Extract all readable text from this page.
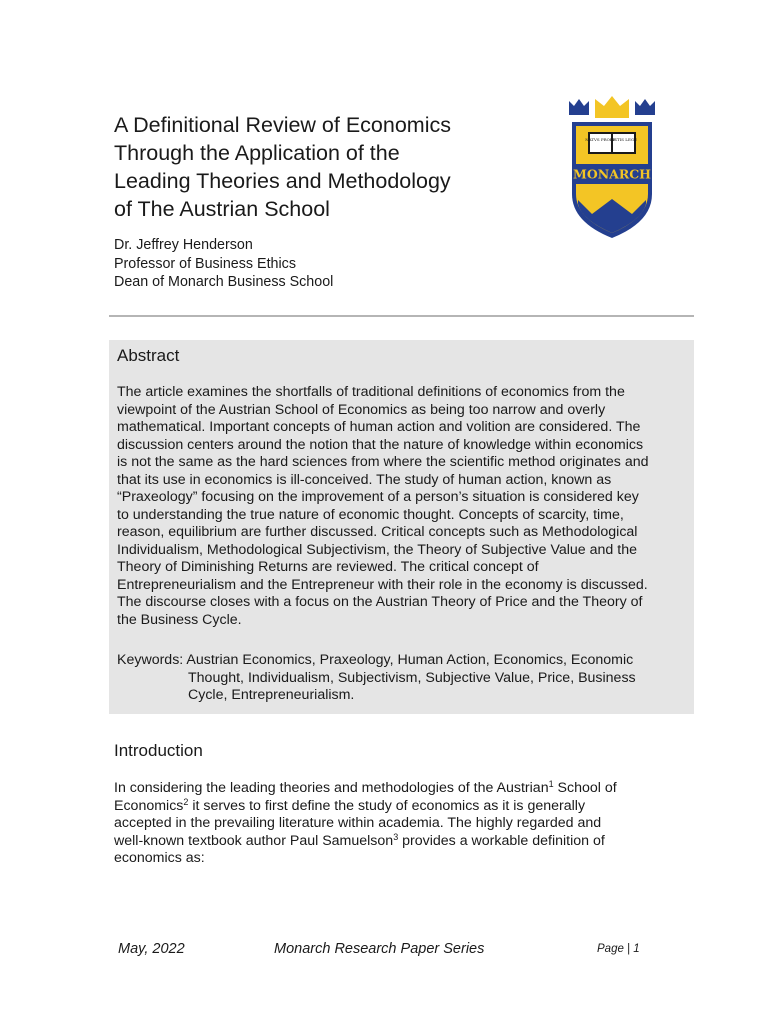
A Definitional Review of Economics
Through the Application of the
Leading Theories and Methodology
of The Austrian School
NATVS PROBE
SISTIS LEGE
MONARCH
Dr. Jeffrey Henderson
Professor of Business Ethics
Dean of Monarch Business School
Abstract
The article examines the shortfalls of traditional definitions of economics from the
viewpoint of the Austrian School of Economics as being too narrow and overly
mathematical. Important concepts of human action and volition are considered. The
discussion centers around the notion that the nature of knowledge within economics
is not the same as the hard sciences from where the scientific method originates and
that its use in economics is ill-conceived. The study of human action, known as
“Praxeology” focusing on the improvement of a person’s situation is considered key
to understanding the true nature of economic thought. Concepts of scarcity, time,
reason, equilibrium are further discussed. Critical concepts such as Methodological
Individualism, Methodological Subjectivism, the Theory of Subjective Value and the
Theory of Diminishing Returns are reviewed. The critical concept of
Entrepreneurialism and the Entrepreneur with their role in the economy is discussed.
The discourse closes with a focus on the Austrian Theory of Price and the Theory of
the Business Cycle.
Keywords: Austrian Economics, Praxeology, Human Action, Economics, Economic
Thought, Individualism, Subjectivism, Subjective Value, Price, Business
Cycle, Entrepreneurialism.
Introduction
In considering the leading theories and methodologies of the Austrian$^1$ School of
Economics$^2$ it serves to first define the study of economics as it is generally
accepted in the prevailing literature within academia. The highly regarded and
well-known textbook author Paul Samuelson$^3$ provides a workable definition of
economics as:
May, 2022	Monarch Research Paper Series	Page | 1
